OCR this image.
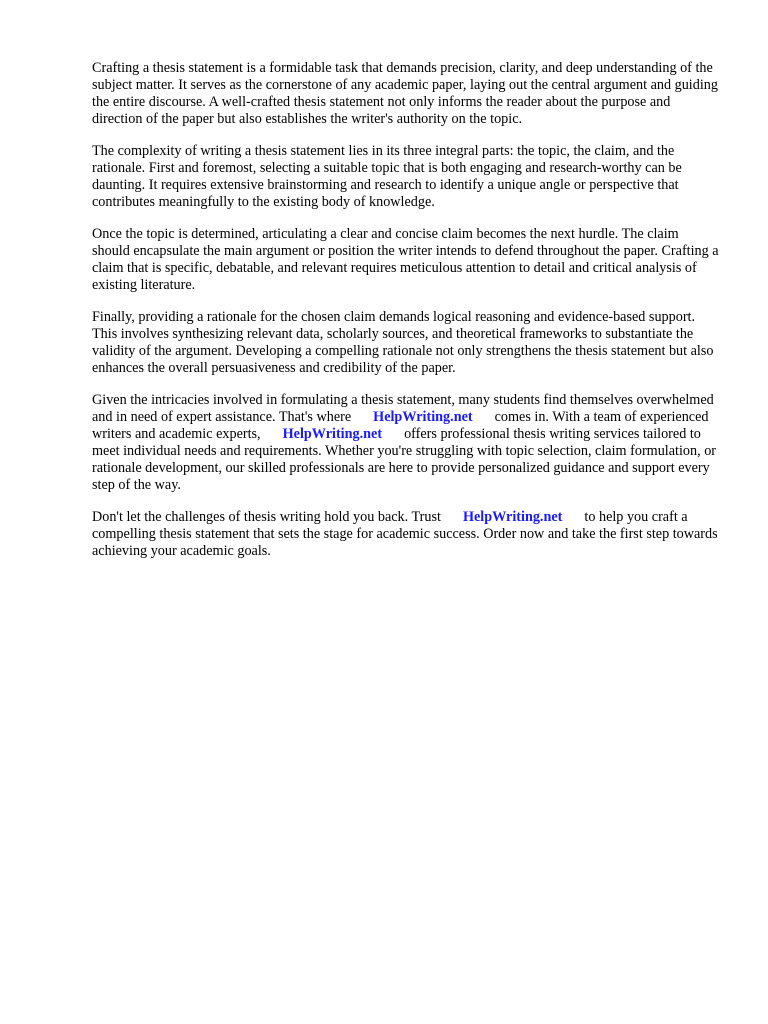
Crafting a thesis statement is a formidable task that demands precision, clarity, and deep understanding of the subject matter. It serves as the cornerstone of any academic paper, laying out the central argument and guiding the entire discourse. A well-crafted thesis statement not only informs the reader about the purpose and direction of the paper but also establishes the writer's authority on the topic.

The complexity of writing a thesis statement lies in its three integral parts: the topic, the claim, and the rationale. First and foremost, selecting a suitable topic that is both engaging and research-worthy can be daunting. It requires extensive brainstorming and research to identify a unique angle or perspective that contributes meaningfully to the existing body of knowledge.

Once the topic is determined, articulating a clear and concise claim becomes the next hurdle. The claim should encapsulate the main argument or position the writer intends to defend throughout the paper. Crafting a claim that is specific, debatable, and relevant requires meticulous attention to detail and critical analysis of existing literature.

Finally, providing a rationale for the chosen claim demands logical reasoning and evidence-based support. This involves synthesizing relevant data, scholarly sources, and theoretical frameworks to substantiate the validity of the argument. Developing a compelling rationale not only strengthens the thesis statement but also enhances the overall persuasiveness and credibility of the paper.

Given the intricacies involved in formulating a thesis statement, many students find themselves overwhelmed and in need of expert assistance. That's where HelpWriting.net comes in. With a team of experienced writers and academic experts, HelpWriting.net offers professional thesis writing services tailored to meet individual needs and requirements. Whether you're struggling with topic selection, claim formulation, or rationale development, our skilled professionals are here to provide personalized guidance and support every step of the way.

Don't let the challenges of thesis writing hold you back. Trust HelpWriting.net to help you craft a compelling thesis statement that sets the stage for academic success. Order now and take the first step towards achieving your academic goals.
